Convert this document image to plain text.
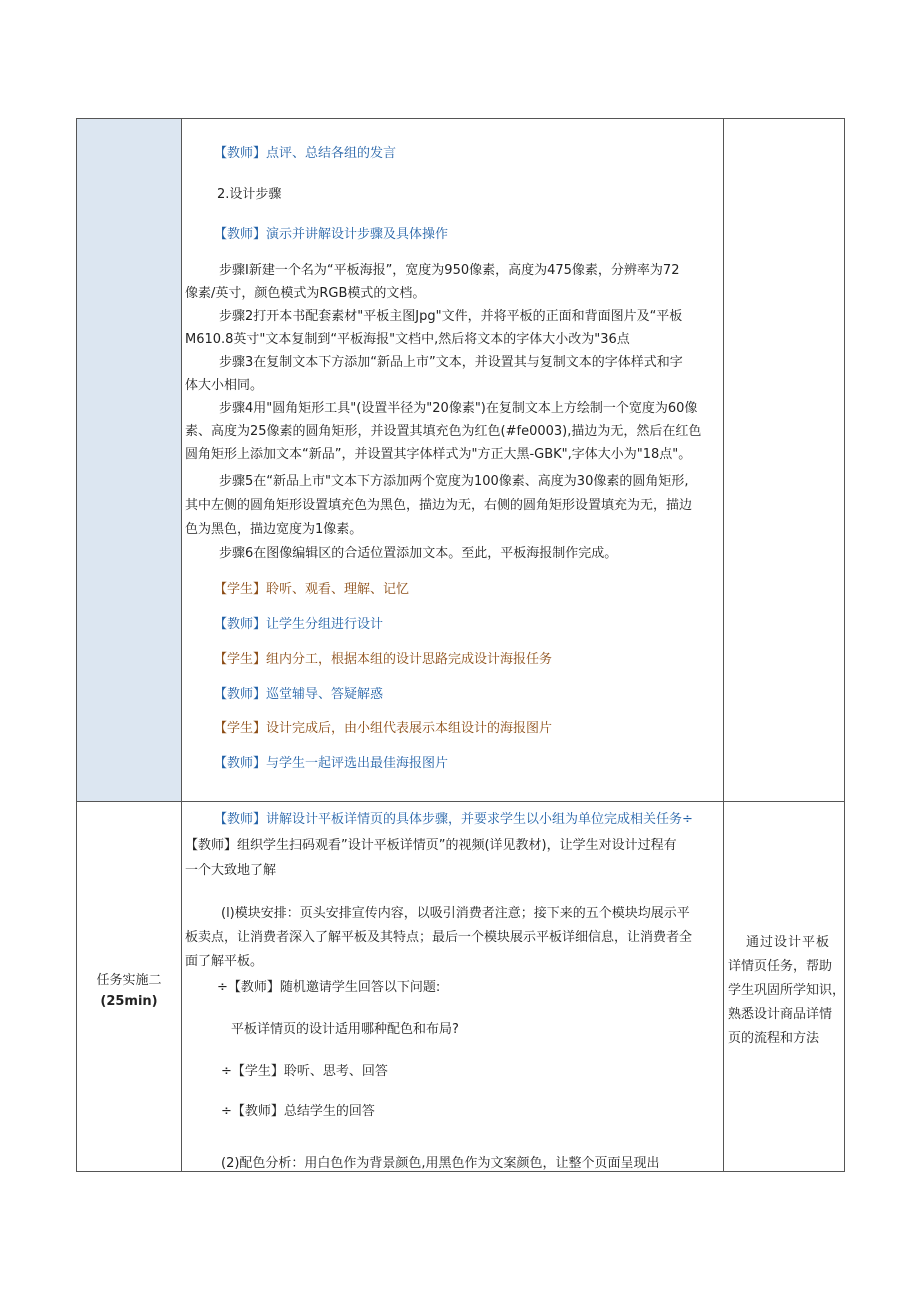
【教师】点评、总结各组的发言
2.设计步骤
【教师】演示并讲解设计步骤及具体操作
步骤Ⅰ新建一个名为“平板海报”，宽度为950像素，高度为475像素，分辨率为72
像素/英寸，颜色模式为RGB模式的文档。
步骤2打开本书配套素材"平板主图Jpg"文件，并将平板的正面和背面图片及“平板
M610.8英寸"文本复制到“平板海报"文档中,然后将文本的字体大小改为"36点
步骤3在复制文本下方添加“新品上市”文本，并设置其与复制文本的字体样式和字
体大小相同。
步骤4用"圆角矩形工具"(设置半径为"20像素")在复制文本上方绘制一个宽度为60像
素、高度为25像素的圆角矩形，并设置其填充色为红色(#fe0003),描边为无，然后在红色
圆角矩形上添加文本“新品”，并设置其字体样式为"方正大黑-GBK",字体大小为"18点"。
步骤5在“新品上市"文本下方添加两个宽度为100像素、高度为30像素的圆角矩形,
其中左侧的圆角矩形设置填充色为黑色，描边为无，右侧的圆角矩形设置填充为无，描边
色为黑色，描边宽度为1像素。
步骤6在图像编辑区的合适位置添加文本。至此，平板海报制作完成。
【学生】聆听、观看、理解、记忆
【教师】让学生分组进行设计
【学生】组内分工，根据本组的设计思路完成设计海报任务
【教师】巡堂辅导、答疑解惑
【学生】设计完成后，由小组代表展示本组设计的海报图片
【教师】与学生一起评选出最佳海报图片
任务实施二
(25min)
【教师】讲解设计平板详情页的具体步骤，并要求学生以小组为单位完成相关任务÷
【教师】组织学生扫码观看”设计平板详情页”的视频(详见教材)，让学生对设计过程有
一个大致地了解
(l)模块安排：页头安排宣传内容，以吸引消费者注意；接下来的五个模块均展示平
板卖点，让消费者深入了解平板及其特点；最后一个模块展示平板详细信息，让消费者全
面了解平板。
÷【教师】随机邀请学生回答以下问题:
平板详情页的设计适用哪种配色和布局?
÷【学生】聆听、思考、回答
÷【教师】总结学生的回答
(2)配色分析：用白色作为背景颜色,用黑色作为文案颜色，让整个页面呈现出
通过设计平板
详情页任务，帮助
学生巩固所学知识，
熟悉设计商品详情
页的流程和方法
